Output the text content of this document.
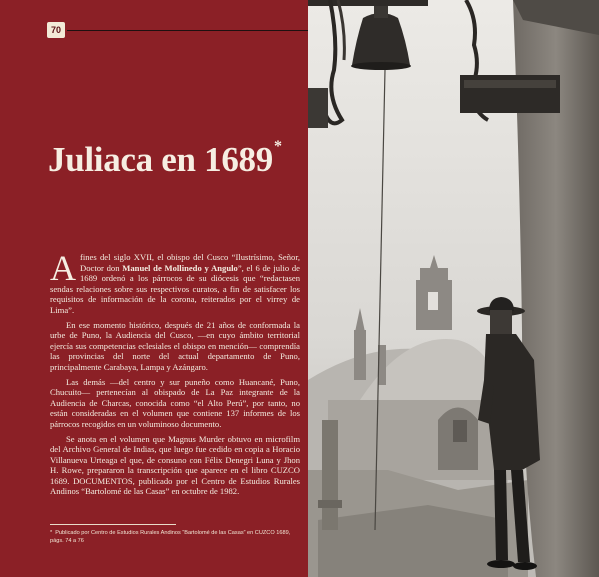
70
Juliaca en 1689*

A fines del siglo XVII, el obispo del Cusco “Ilustrísimo, Señor, Doctor don Manuel de Mollinedo y Angulo”, el 6 de julio de 1689 ordenó a los párrocos de su diócesis que “redactasen sendas relaciones sobre sus respectivos curatos, a fin de satisfacer los requisitos de información de la corona, reiterados por el virrey de Lima”.

En ese momento histórico, después de 21 años de conformada la urbe de Puno, la Audiencia del Cusco, —en cuyo ámbito territorial ejercía sus competencias eclesiales el obispo en mención— comprendía las provincias del norte del actual departamento de Puno, principalmente Carabaya, Lampa y Azángaro.

Las demás —del centro y sur puneño como Huancané, Puno, Chucuito— pertenecían al obispado de La Paz integrante de la Audiencia de Charcas, conocida como “el Alto Perú”, por tanto, no están consideradas en el volumen que contiene 137 informes de los párrocos recogidos en un voluminoso documento.

Se anota en el volumen que Magnus Murder obtuvo en microfilm del Archivo General de Indias, que luego fue cedido en copia a Horacio Villanueva Urteaga el que, de consuno con Félix Denegri Luna y Jhon H. Rowe, prepararon la transcripción que aparece en el libro CUZCO 1689. DOCUMENTOS, publicado por el Centro de Estudios Rurales Andinos “Bartolomé de las Casas” en octubre de 1982.

* Publicado por Centro de Estudios Rurales Andinos “Bartolomé de las Casas” en CUZCO 1689, págs. 74 a 76
